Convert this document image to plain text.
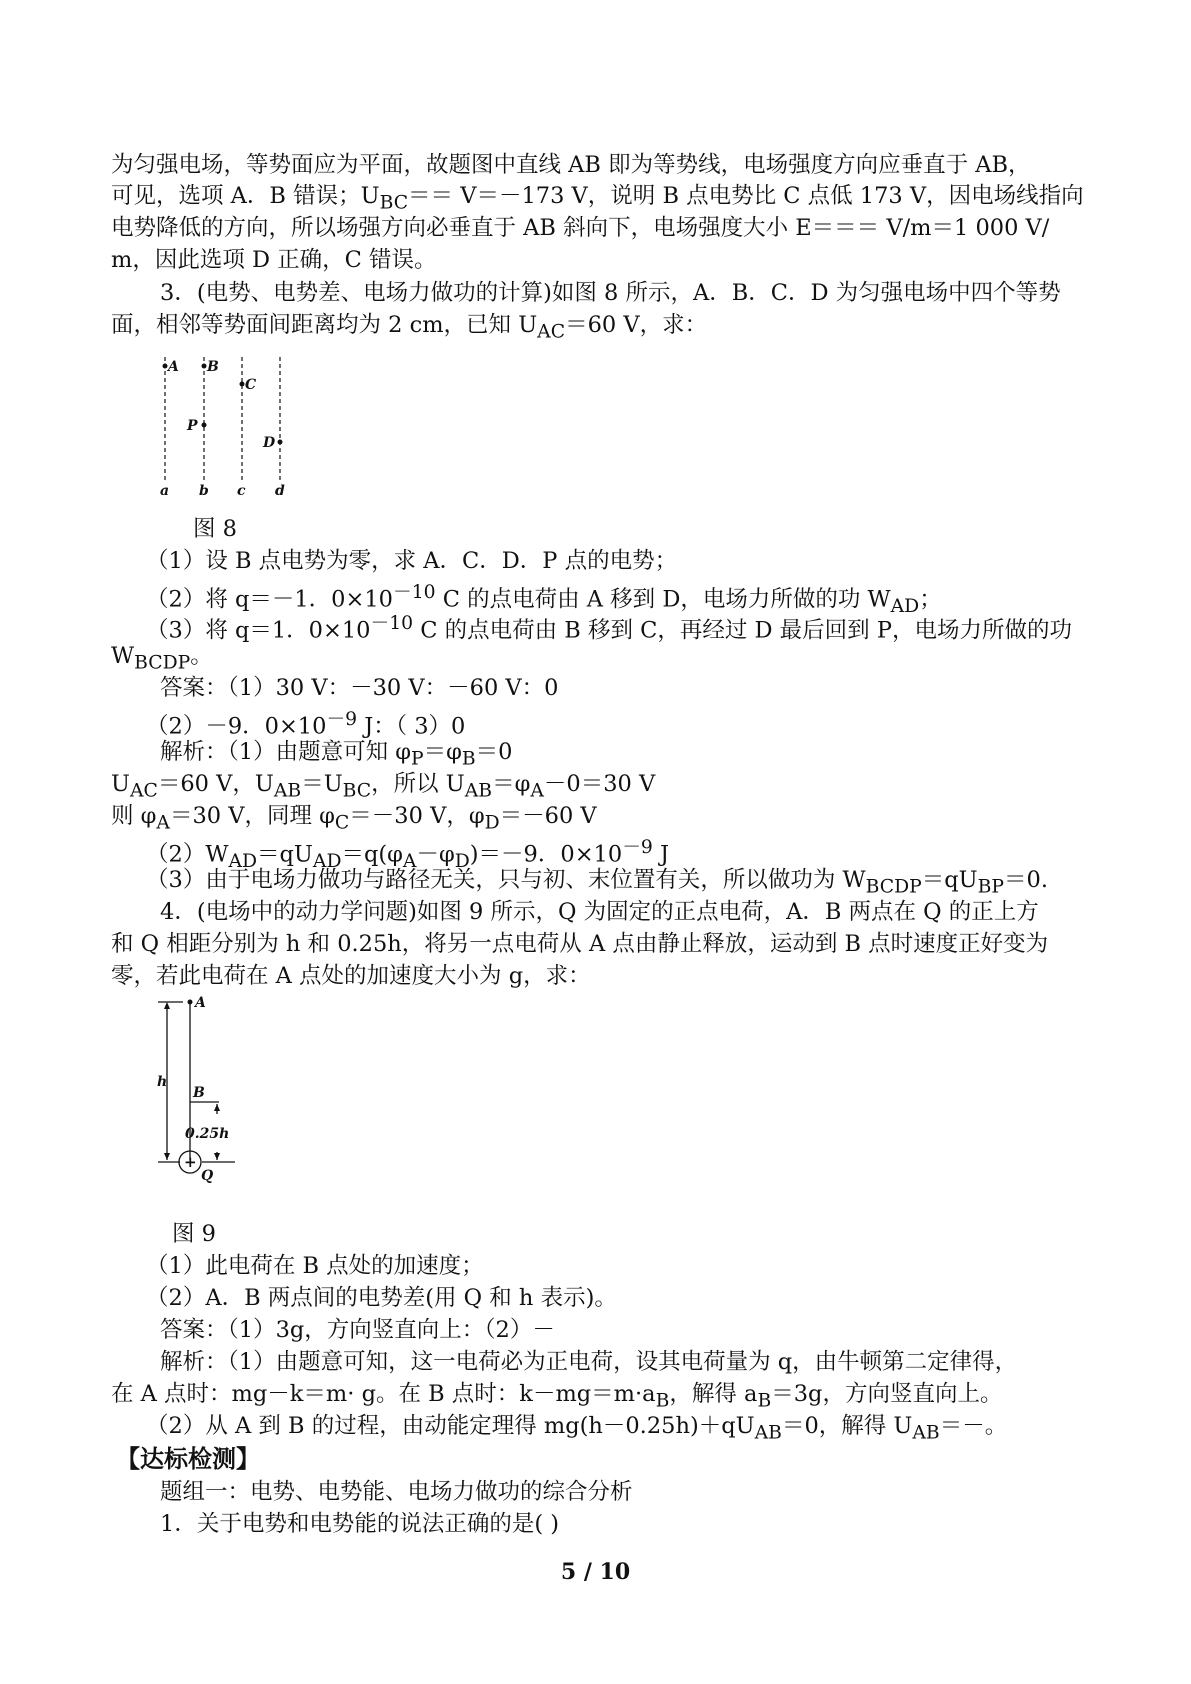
为匀强电场，等势面应为平面，故题图中直线 AB 即为等势线，电场强度方向应垂直于 AB，
可见，选项 A．B 错误；$U_{BC}== V=-173$ V，说明 B 点电势比 C 点低 173 V，因电场线指向
电势降低的方向，所以场强方向必垂直于 AB 斜向下，电场强度大小 E＝＝＝ V/m＝1 000 V/
m，因此选项 D 正确，C 错误。
3．(电势、电势差、电场力做功的计算)如图 8 所示，A．B．C．D 为匀强电场中四个等势
面，相邻等势面间距离均为 2 cm，已知 $U_{AC}=60$ V，求：
A B
C
P
D
a b c d
图 8
（1）设 B 点电势为零，求 A．C．D．P 点的电势；
（2）将 q＝－1．$0\times 10^{-10}$ C 的点电荷由 A 移到 D，电场力所做的功 $W_{AD}$；
（3）将 q＝1．$0\times 10^{-10}$ C 的点电荷由 B 移到 C，再经过 D 最后回到 P，电场力所做的功
$W_{BCDP}$。
答案：（1）30 V：－30 V：－60 V：0
（2）－9．$0\times 10^{-9}$ J：（ 3）0
解析：（1）由题意可知 $\varphi_P=\varphi_B=0$
$U_{AC}=60$ V，$U_{AB}=U_{BC}$，所以 $U_{AB}=\varphi_A-0=30$ V
则 $\varphi_A=30$ V，同理 $\varphi_C=-30$ V，$\varphi_D=-60$ V
$(2)W_{AD}=qU_{AD}=q(\varphi_A-\varphi_D)=-9$．$0\times 10^{-9}$ J
（3）由于电场力做功与路径无关，只与初、末位置有关，所以做功为 $W_{BCDP}=qU_{BP}=0$.
4．(电场中的动力学问题)如图 9 所示，Q 为固定的正点电荷，A．B 两点在 Q 的正上方
和 Q 相距分别为 h 和 0.25h，将另一点电荷从 A 点由静止释放，运动到 B 点时速度正好变为
零，若此电荷在 A 点处的加速度大小为 g，求：
A
B
h
0.25h
Q
+
图 9
（1）此电荷在 B 点处的加速度；
（2）A．B 两点间的电势差(用 Q 和 h 表示)。
答案：（1）3g，方向竖直向上：（2）－
解析：（1）由题意可知，这一电荷必为正电荷，设其电荷量为 q，由牛顿第二定律得，
在 A 点时：mg－k＝m· g。在 B 点时：$k-mg=m\cdot a_B$，解得 $a_B=3g$，方向竖直向上。
（2）从 A 到 B 的过程，由动能定理得 $mg(h-0.25h)+qU_{AB}=0$，解得 $U_{AB}=-$。
【达标检测】
题组一：电势、电势能、电场力做功的综合分析
1．关于电势和电势能的说法正确的是( )
5 / 10
